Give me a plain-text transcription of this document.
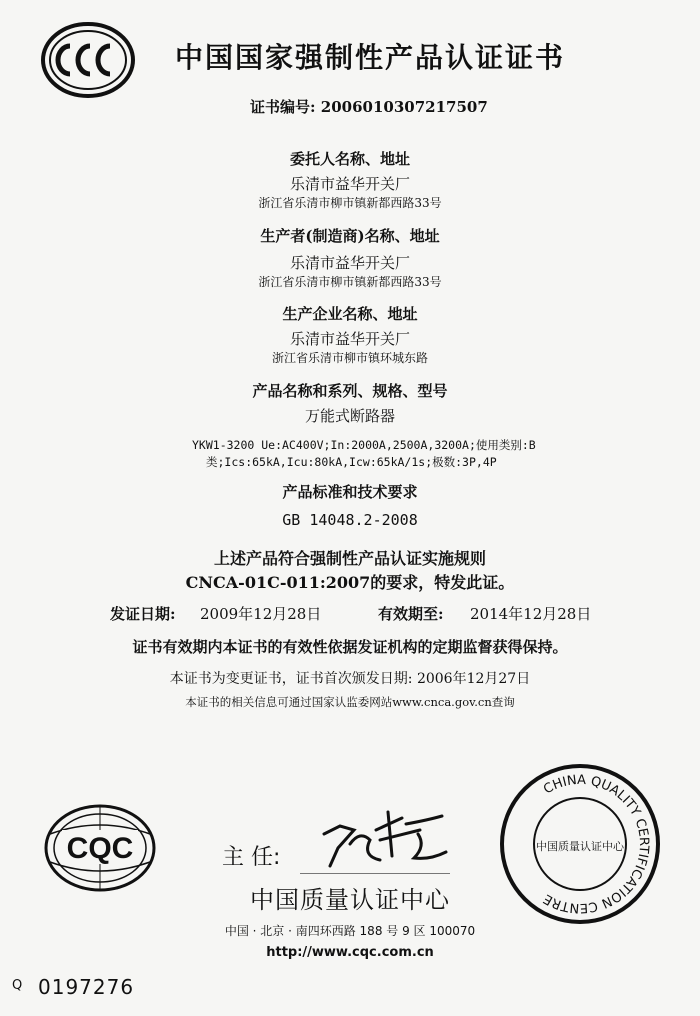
中国国家强制性产品认证证书
证书编号: 2006010307217507
委托人名称、地址
乐清市益华开关厂
浙江省乐清市柳市镇新都西路33号
生产者(制造商)名称、地址
乐清市益华开关厂
浙江省乐清市柳市镇新都西路33号
生产企业名称、地址
乐清市益华开关厂
浙江省乐清市柳市镇环城东路
产品名称和系列、规格、型号
万能式断路器
YKW1-3200 Ue:AC400V;In:2000A,2500A,3200A;使用类别:B
类;Ics:65kA,Icu:80kA,Icw:65kA/1s;极数:3P,4P
产品标准和技术要求
GB 14048.2-2008
上述产品符合强制性产品认证实施规则
CNCA-01C-011:2007的要求，特发此证。
发证日期: 2009年12月28日	有效期至: 2014年12月28日
证书有效期内本证书的有效性依据发证机构的定期监督获得保持。
本证书为变更证书，证书首次颁发日期: 2006年12月27日
本证书的相关信息可通过国家认监委网站www.cnca.gov.cn查询
CQC	主 任:
中国质量认证中心
中国 · 北京 · 南四环西路 188 号 9 区 100070
http://www.cqc.com.cn
CHINA QUALITY CERTIFICATION CENTRE
中国质量认证中心
Q 0197276
